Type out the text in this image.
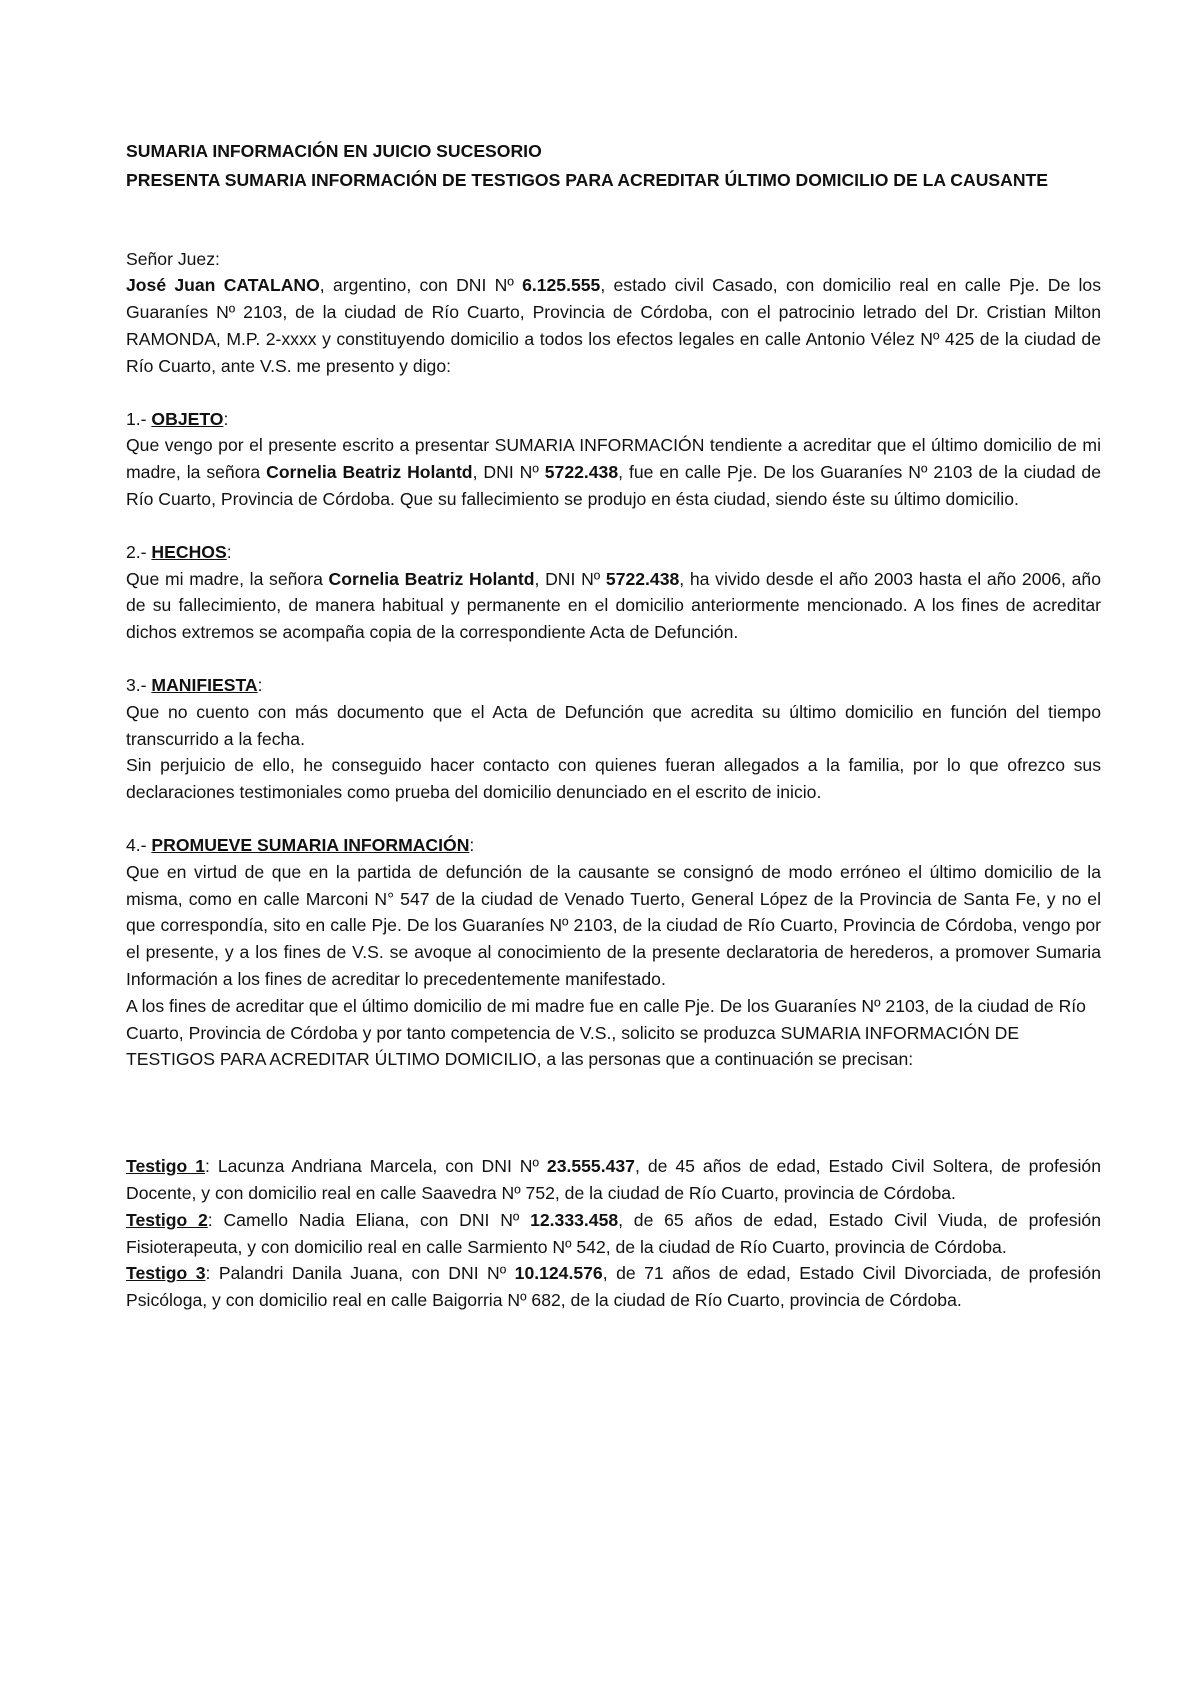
SUMARIA INFORMACIÓN EN JUICIO SUCESORIO
PRESENTA SUMARIA INFORMACIÓN DE TESTIGOS PARA ACREDITAR ÚLTIMO DOMICILIO DE LA CAUSANTE

Señor Juez:

José Juan CATALANO, argentino, con DNI Nº 6.125.555, estado civil Casado, con domicilio real en calle Pje. De los Guaraníes Nº 2103, de la ciudad de Río Cuarto, Provincia de Córdoba, con el patrocinio letrado del Dr. Cristian Milton RAMONDA, M.P. 2-xxxx y constituyendo domicilio a todos los efectos legales en calle Antonio Vélez Nº 425 de la ciudad de Río Cuarto, ante V.S. me presento y digo:

1.- OBJETO:

Que vengo por el presente escrito a presentar SUMARIA INFORMACIÓN tendiente a acreditar que el último domicilio de mi madre, la señora Cornelia Beatriz Holantd, DNI Nº 5722.438, fue en calle Pje. De los Guaraníes Nº 2103 de la ciudad de Río Cuarto, Provincia de Córdoba. Que su fallecimiento se produjo en ésta ciudad, siendo éste su último domicilio.

2.- HECHOS:

Que mi madre, la señora Cornelia Beatriz Holantd, DNI Nº 5722.438, ha vivido desde el año 2003 hasta el año 2006, año de su fallecimiento, de manera habitual y permanente en el domicilio anteriormente mencionado. A los fines de acreditar dichos extremos se acompaña copia de la correspondiente Acta de Defunción.

3.- MANIFIESTA:

Que no cuento con más documento que el Acta de Defunción que acredita su último domicilio en función del tiempo transcurrido a la fecha.

Sin perjuicio de ello, he conseguido hacer contacto con quienes fueran allegados a la familia, por lo que ofrezco sus declaraciones testimoniales como prueba del domicilio denunciado en el escrito de inicio.

4.- PROMUEVE SUMARIA INFORMACIÓN:

Que en virtud de que en la partida de defunción de la causante se consignó de modo erróneo el último domicilio de la misma, como en calle Marconi N° 547 de la ciudad de Venado Tuerto, General López de la Provincia de Santa Fe, y no el que correspondía, sito en calle Pje. De los Guaraníes Nº 2103, de la ciudad de Río Cuarto, Provincia de Córdoba, vengo por el presente, y a los fines de V.S. se avoque al conocimiento de la presente declaratoria de herederos, a promover Sumaria Información a los fines de acreditar lo precedentemente manifestado.

A los fines de acreditar que el último domicilio de mi madre fue en calle Pje. De los Guaraníes Nº 2103, de la ciudad de Río Cuarto, Provincia de Córdoba y por tanto competencia de V.S., solicito se produzca SUMARIA INFORMACIÓN DE TESTIGOS PARA ACREDITAR ÚLTIMO DOMICILIO, a las personas que a continuación se precisan:

Testigo 1: Lacunza Andriana Marcela, con DNI Nº 23.555.437, de 45 años de edad, Estado Civil Soltera, de profesión Docente, y con domicilio real en calle Saavedra Nº 752, de la ciudad de Río Cuarto, provincia de Córdoba.

Testigo 2: Camello Nadia Eliana, con DNI Nº 12.333.458, de 65 años de edad, Estado Civil Viuda, de profesión Fisioterapeuta, y con domicilio real en calle Sarmiento Nº 542, de la ciudad de Río Cuarto, provincia de Córdoba.

Testigo 3: Palandri Danila Juana, con DNI Nº 10.124.576, de 71 años de edad, Estado Civil Divorciada, de profesión Psicóloga, y con domicilio real en calle Baigorria Nº 682, de la ciudad de Río Cuarto, provincia de Córdoba.
